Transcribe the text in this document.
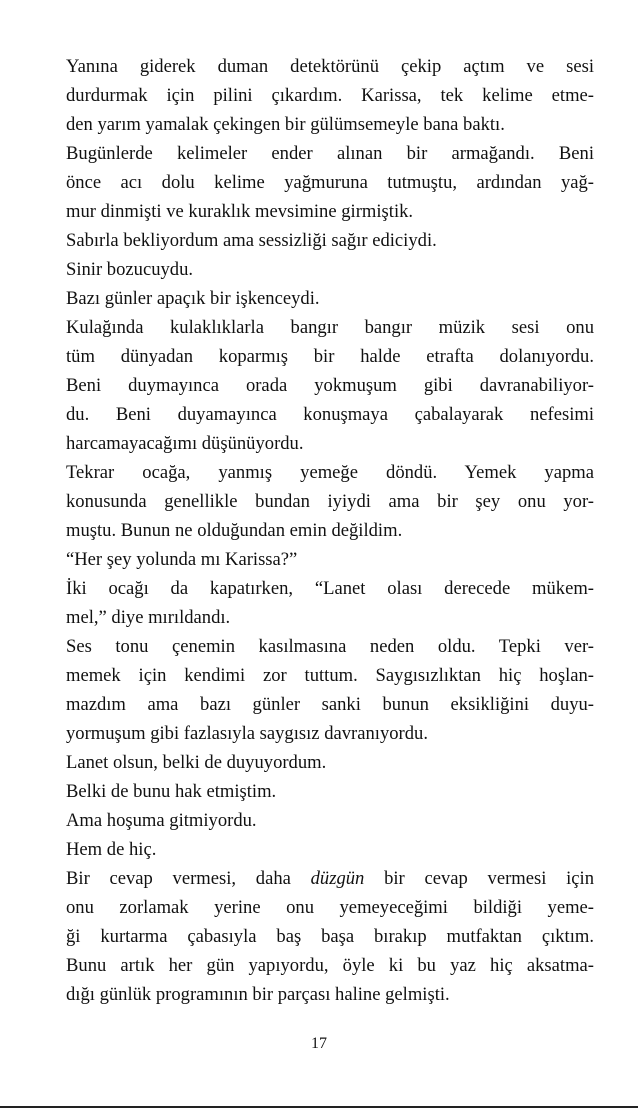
Yanına giderek duman detektörünü çekip açtım ve sesi
durdurmak için pilini çıkardım. Karissa, tek kelime etme-
den yarım yamalak çekingen bir gülümsemeyle bana baktı.

Bugünlerde kelimeler ender alınan bir armağandı. Beni
önce acı dolu kelime yağmuruna tutmuştu, ardından yağ-
mur dinmişti ve kuraklık mevsimine girmiştik.

Sabırla bekliyordum ama sessizliği sağır ediciydi.

Sinir bozucuydu.

Bazı günler apaçık bir işkenceydi.

Kulağında kulaklıklarla bangır bangır müzik sesi onu
tüm dünyadan koparmış bir halde etrafta dolanıyordu.
Beni duymayınca orada yokmuşum gibi davranabiliyor-
du. Beni duyamayınca konuşmaya çabalayarak nefesimi
harcamayacağımı düşünüyordu.

Tekrar ocağa, yanmış yemeğe döndü. Yemek yapma
konusunda genellikle bundan iyiydi ama bir şey onu yor-
muştu. Bunun ne olduğundan emin değildim.

“Her şey yolunda mı Karissa?”

İki ocağı da kapatırken, “Lanet olası derecede mükem-
mel,” diye mırıldandı.

Ses tonu çenemin kasılmasına neden oldu. Tepki ver-
memek için kendimi zor tuttum. Saygısızlıktan hiç hoşlan-
mazdım ama bazı günler sanki bunun eksikliğini duyu-
yormuşum gibi fazlasıyla saygısız davranıyordu.

Lanet olsun, belki de duyuyordum.

Belki de bunu hak etmiştim.

Ama hoşuma gitmiyordu.

Hem de hiç.

Bir cevap vermesi, daha düzgün bir cevap vermesi için
onu zorlamak yerine onu yemeyeceğimi bildiği yeme-
ği kurtarma çabasıyla baş başa bırakıp mutfaktan çıktım.
Bunu artık her gün yapıyordu, öyle ki bu yaz hiç aksatma-
dığı günlük programının bir parçası haline gelmişti.

17
